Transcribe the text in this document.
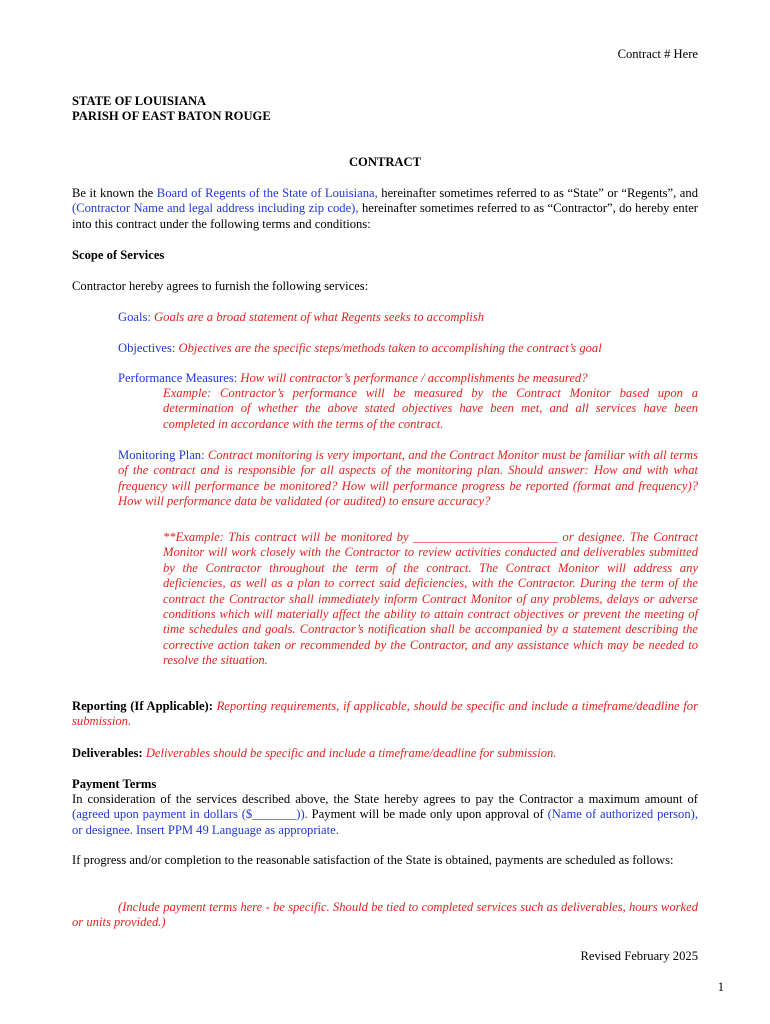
Contract # Here
STATE OF LOUISIANA
PARISH OF EAST BATON ROUGE
CONTRACT

Be it known the Board of Regents of the State of Louisiana, hereinafter sometimes referred to as “State” or “Regents”, and (Contractor Name and legal address including zip code), hereinafter sometimes referred to as “Contractor”, do hereby enter into this contract under the following terms and conditions:

Scope of Services
Contractor hereby agrees to furnish the following services:
Goals: Goals are a broad statement of what Regents seeks to accomplish
Objectives: Objectives are the specific steps/methods taken to accomplishing the contract’s goal
Performance Measures: How will contractor’s performance / accomplishments be measured?

Example: Contractor’s performance will be measured by the Contract Monitor based upon a determination of whether the above stated objectives have been met, and all services have been completed in accordance with the terms of the contract.

Monitoring Plan: Contract monitoring is very important, and the Contract Monitor must be familiar with all terms of the contract and is responsible for all aspects of the monitoring plan. Should answer: How and with what frequency will performance be monitored? How will performance progress be reported (format and frequency)? How will performance data be validated (or audited) to ensure accuracy?

**Example: This contract will be monitored by _______________________ or designee. The Contract Monitor will work closely with the Contractor to review activities conducted and deliverables submitted by the Contractor throughout the term of the contract. The Contract Monitor will address any deficiencies, as well as a plan to correct said deficiencies, with the Contractor. During the term of the contract the Contractor shall immediately inform Contract Monitor of any problems, delays or adverse conditions which will materially affect the ability to attain contract objectives or prevent the meeting of time schedules and goals. Contractor’s notification shall be accompanied by a statement describing the corrective action taken or recommended by the Contractor, and any assistance which may be needed to resolve the situation.

Reporting (If Applicable): Reporting requirements, if applicable, should be specific and include a timeframe/deadline for submission.

Deliverables: Deliverables should be specific and include a timeframe/deadline for submission.

Payment Terms

In consideration of the services described above, the State hereby agrees to pay the Contractor a maximum amount of (agreed upon payment in dollars ($_______)). Payment will be made only upon approval of (Name of authorized person), or designee. Insert PPM 49 Language as appropriate.

If progress and/or completion to the reasonable satisfaction of the State is obtained, payments are scheduled as follows:

(Include payment terms here - be specific. Should be tied to completed services such as deliverables, hours worked or units provided.)

Revised February 2025
1
